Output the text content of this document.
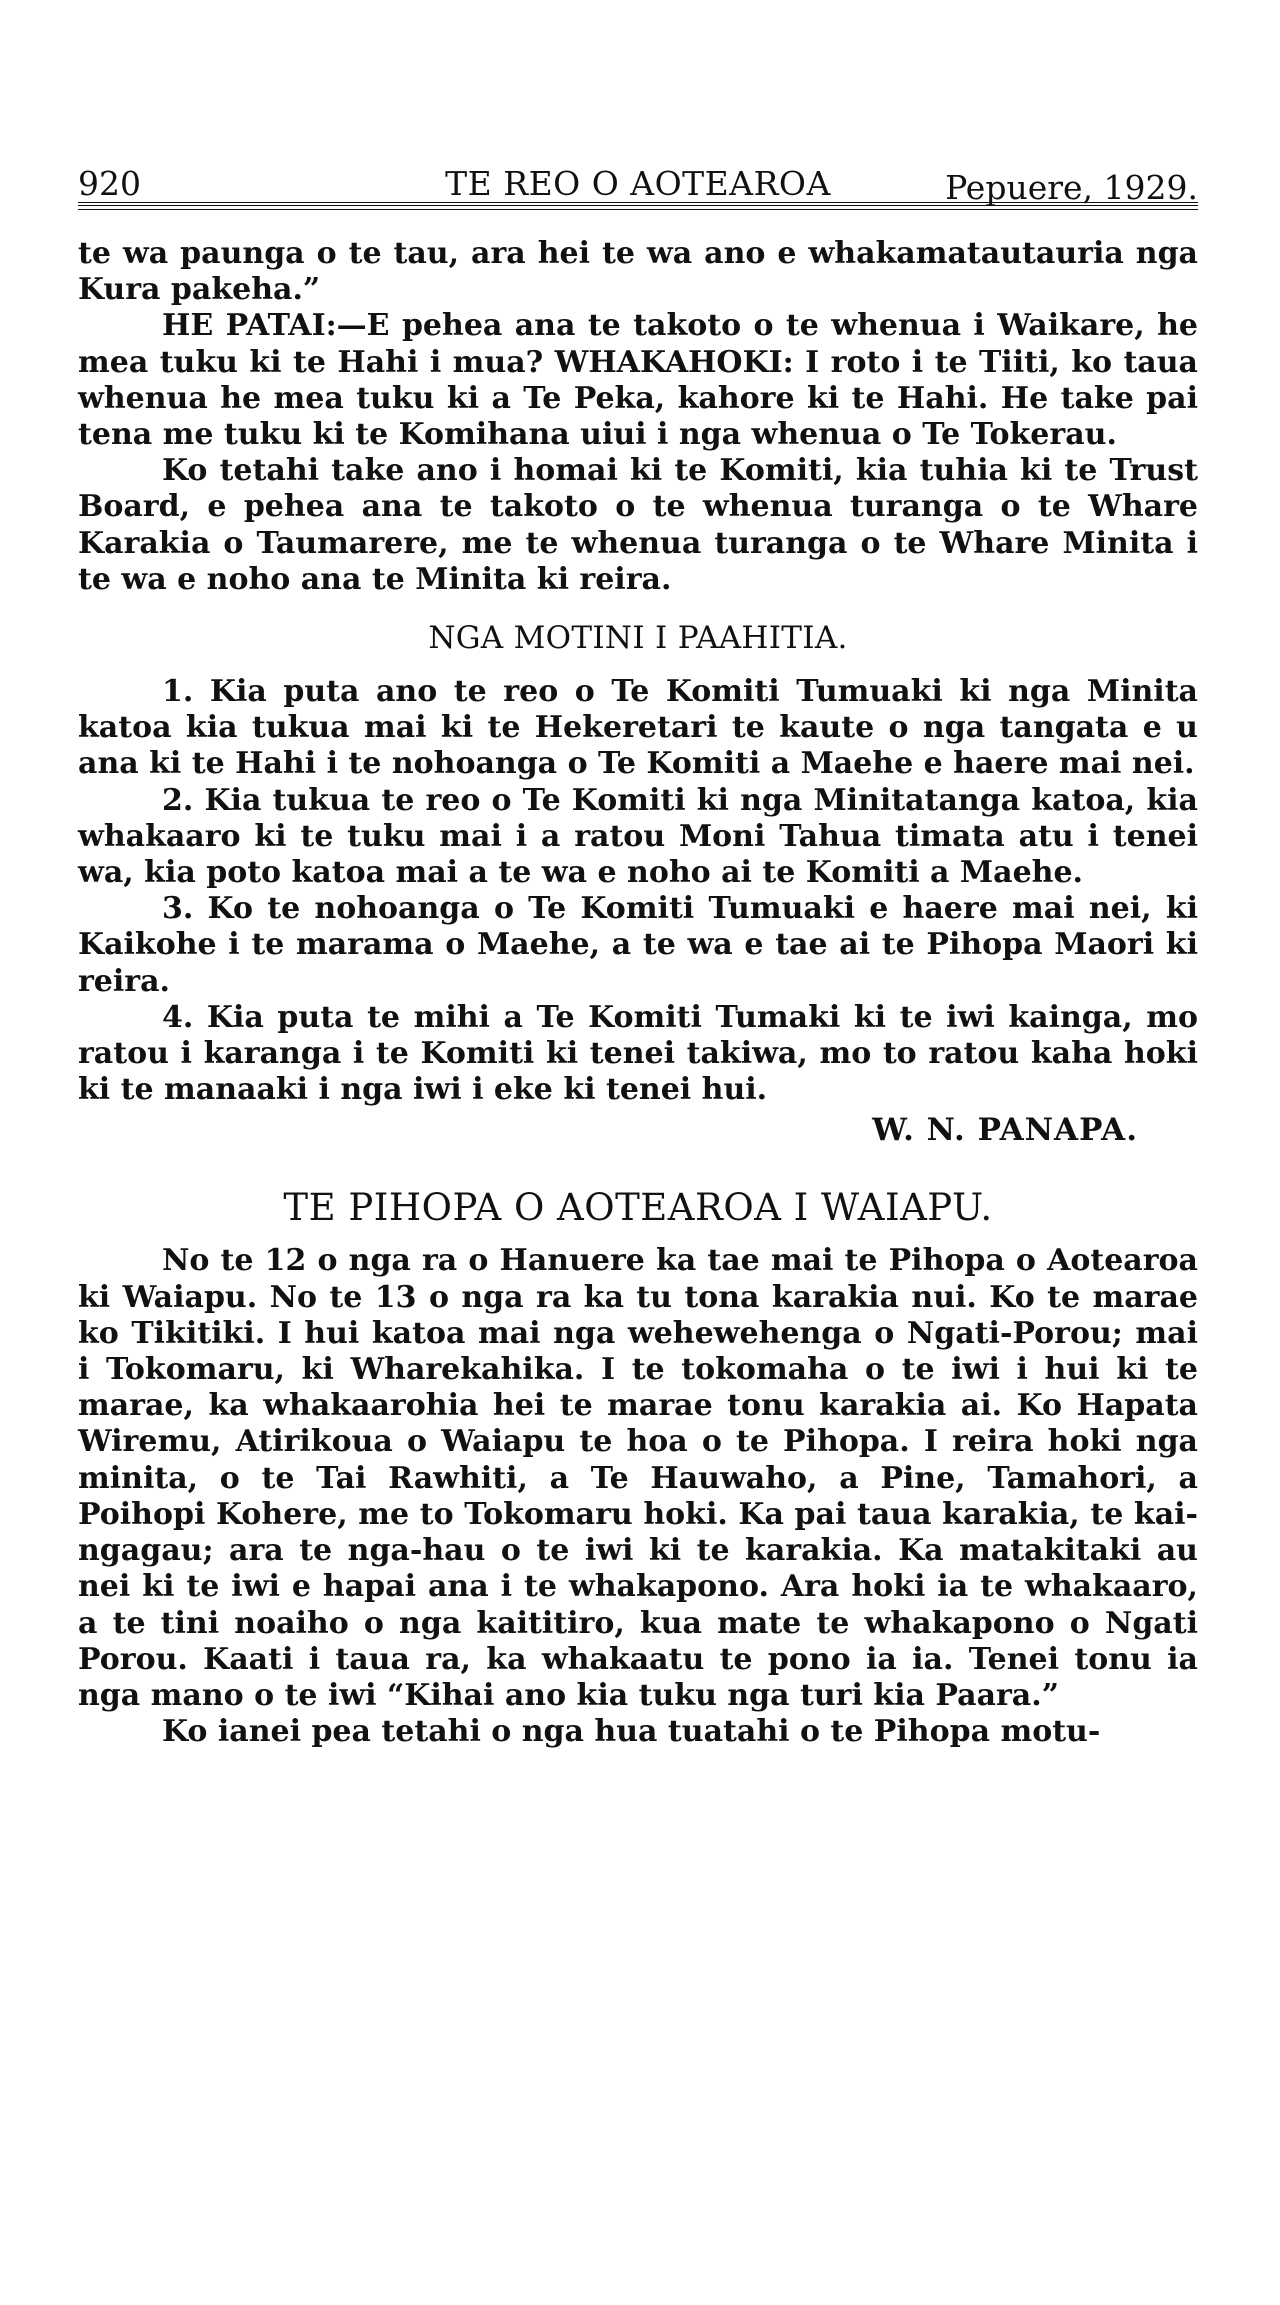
920	TE REO O AOTEAROA	Pepuere, 1929.

te wa paunga o te tau, ara hei te wa ano e whakamatautauria nga Kura pakeha.”

HE PATAI:—E pehea ana te takoto o te whenua i Waikare, he mea tuku ki te Hahi i mua? WHAKAHOKI: I roto i te Tiiti, ko taua whenua he mea tuku ki a Te Peka, kahore ki te Hahi. He take pai tena me tuku ki te Komihana uiui i nga whenua o Te Tokerau.

Ko tetahi take ano i homai ki te Komiti, kia tuhia ki te Trust Board, e pehea ana te takoto o te whenua turanga o te Whare Karakia o Taumarere, me te whenua turanga o te Whare Minita i te wa e noho ana te Minita ki reira.

NGA MOTINI I PAAHITIA.

1. Kia puta ano te reo o Te Komiti Tumuaki ki nga Minita katoa kia tukua mai ki te Hekeretari te kaute o nga tangata e u ana ki te Hahi i te nohoanga o Te Komiti a Maehe e haere mai nei.

2. Kia tukua te reo o Te Komiti ki nga Minitatanga katoa, kia whakaaro ki te tuku mai i a ratou Moni Tahua timata atu i tenei wa, kia poto katoa mai a te wa e noho ai te Komiti a Maehe.

3. Ko te nohoanga o Te Komiti Tumuaki e haere mai nei, ki Kaikohe i te marama o Maehe, a te wa e tae ai te Pihopa Maori ki reira.

4. Kia puta te mihi a Te Komiti Tumaki ki te iwi kainga, mo ratou i karanga i te Komiti ki tenei takiwa, mo to ratou kaha hoki ki te manaaki i nga iwi i eke ki tenei hui.

W. N. PANAPA.
TE PIHOPA O AOTEAROA I WAIAPU.

No te 12 o nga ra o Hanuere ka tae mai te Pihopa o Aotearoa ki Waiapu. No te 13 o nga ra ka tu tona karakia nui. Ko te marae ko Tikitiki. I hui katoa mai nga wehewehenga o Ngati-Porou; mai i Tokomaru, ki Wharekahika. I te tokomaha o te iwi i hui ki te marae, ka whakaarohia hei te marae tonu karakia ai. Ko Hapata Wiremu, Atirikoua o Waiapu te hoa o te Pihopa. I reira hoki nga minita, o te Tai Rawhiti, a Te Hauwaho, a Pine, Tamahori, a Poihopi Kohere, me to Tokomaru hoki. Ka pai taua karakia, te kai-ngagau; ara te nga-hau o te iwi ki te karakia. Ka matakitaki au nei ki te iwi e hapai ana i te whakapono. Ara hoki ia te whakaaro, a te tini noaiho o nga kaititiro, kua mate te whakapono o Ngati Porou. Kaati i taua ra, ka whakaatu te pono ia ia. Tenei tonu ia nga mano o te iwi “Kihai ano kia tuku nga turi kia Paara.”

Ko ianei pea tetahi o nga hua tuatahi o te Pihopa motu-
